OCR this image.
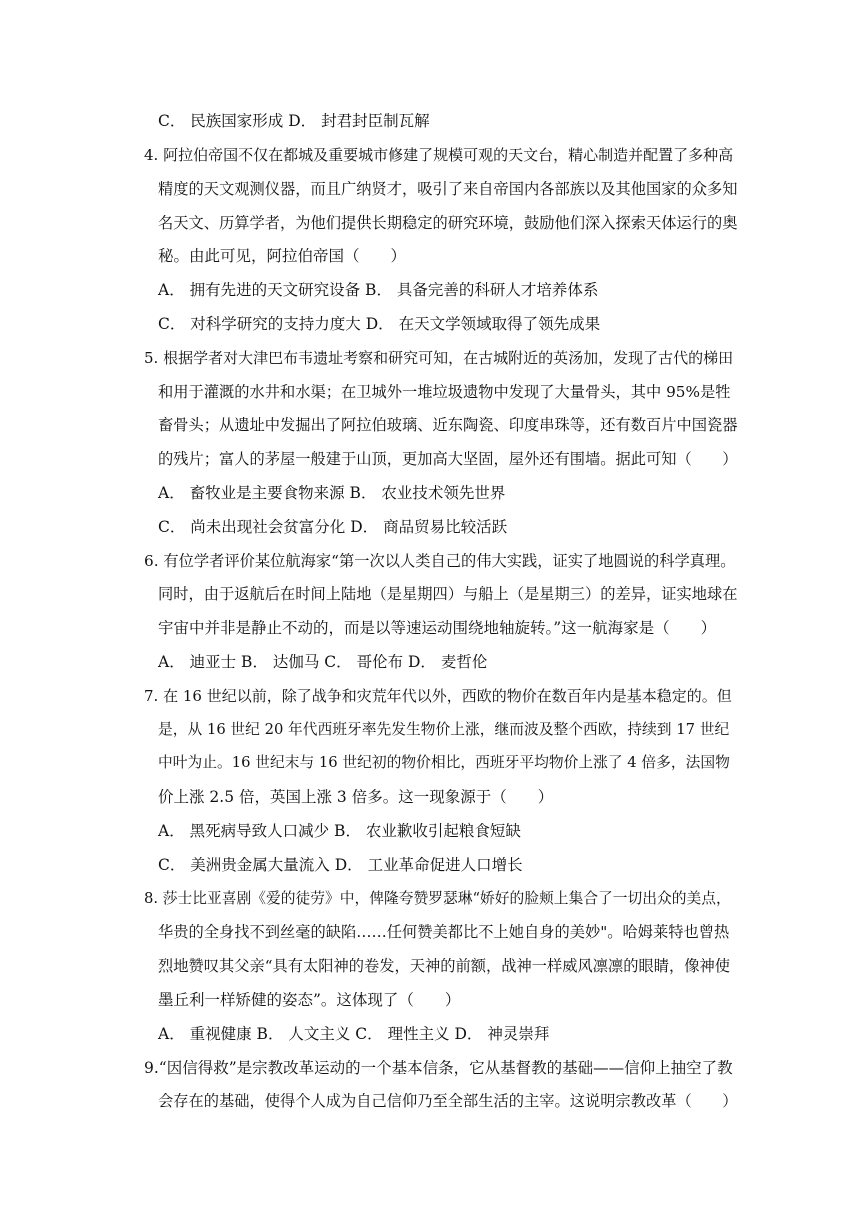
C． 民族国家形成 D． 封君封臣制瓦解
4. 阿拉伯帝国不仅在都城及重要城市修建了规模可观的天文台，精心制造并配置了多种高
精度的天文观测仪器，而且广纳贤才，吸引了来自帝国内各部族以及其他国家的众多知
名天文、历算学者，为他们提供长期稳定的研究环境，鼓励他们深入探索天体运行的奥
秘。由此可见，阿拉伯帝国（　　）
A． 拥有先进的天文研究设备 B． 具备完善的科研人才培养体系
C． 对科学研究的支持力度大 D． 在天文学领域取得了领先成果
5. 根据学者对大津巴布韦遗址考察和研究可知，在古城附近的英汤加，发现了古代的梯田
和用于灌溉的水井和水渠；在卫城外一堆垃圾遗物中发现了大量骨头，其中 95%是牲
畜骨头；从遗址中发掘出了阿拉伯玻璃、近东陶瓷、印度串珠等，还有数百片中国瓷器
的残片；富人的茅屋一般建于山顶，更加高大坚固，屋外还有围墙。据此可知（　　）
A． 畜牧业是主要食物来源 B． 农业技术领先世界
C． 尚未出现社会贫富分化 D． 商品贸易比较活跃
6. 有位学者评价某位航海家“第一次以人类自己的伟大实践，证实了地圆说的科学真理。
同时，由于返航后在时间上陆地（是星期四）与船上（是星期三）的差异，证实地球在
宇宙中并非是静止不动的，而是以等速运动围绕地轴旋转。”这一航海家是（　　）
A． 迪亚士 B． 达伽马 C． 哥伦布 D． 麦哲伦
7. 在 16 世纪以前，除了战争和灾荒年代以外，西欧的物价在数百年内是基本稳定的。但
是，从 16 世纪 20 年代西班牙率先发生物价上涨，继而波及整个西欧，持续到 17 世纪
中叶为止。16 世纪末与 16 世纪初的物价相比，西班牙平均物价上涨了 4 倍多，法国物
价上涨 2.5 倍，英国上涨 3 倍多。这一现象源于（　　）
A． 黑死病导致人口减少 B． 农业歉收引起粮食短缺
C． 美洲贵金属大量流入 D． 工业革命促进人口增长
8. 莎士比亚喜剧《爱的徒劳》中，俾隆夸赞罗瑟琳“娇好的脸颊上集合了一切出众的美点，
华贵的全身找不到丝毫的缺陷……任何赞美都比不上她自身的美妙"。哈姆莱特也曾热
烈地赞叹其父亲“具有太阳神的卷发，天神的前额，战神一样威风凛凛的眼睛，像神使
墨丘利一样矫健的姿态”。这体现了（　　）
A． 重视健康 B． 人文主义 C． 理性主义 D． 神灵崇拜
9.“因信得救”是宗教改革运动的一个基本信条，它从基督教的基础——信仰上抽空了教
会存在的基础，使得个人成为自己信仰乃至全部生活的主宰。这说明宗教改革（　　）
